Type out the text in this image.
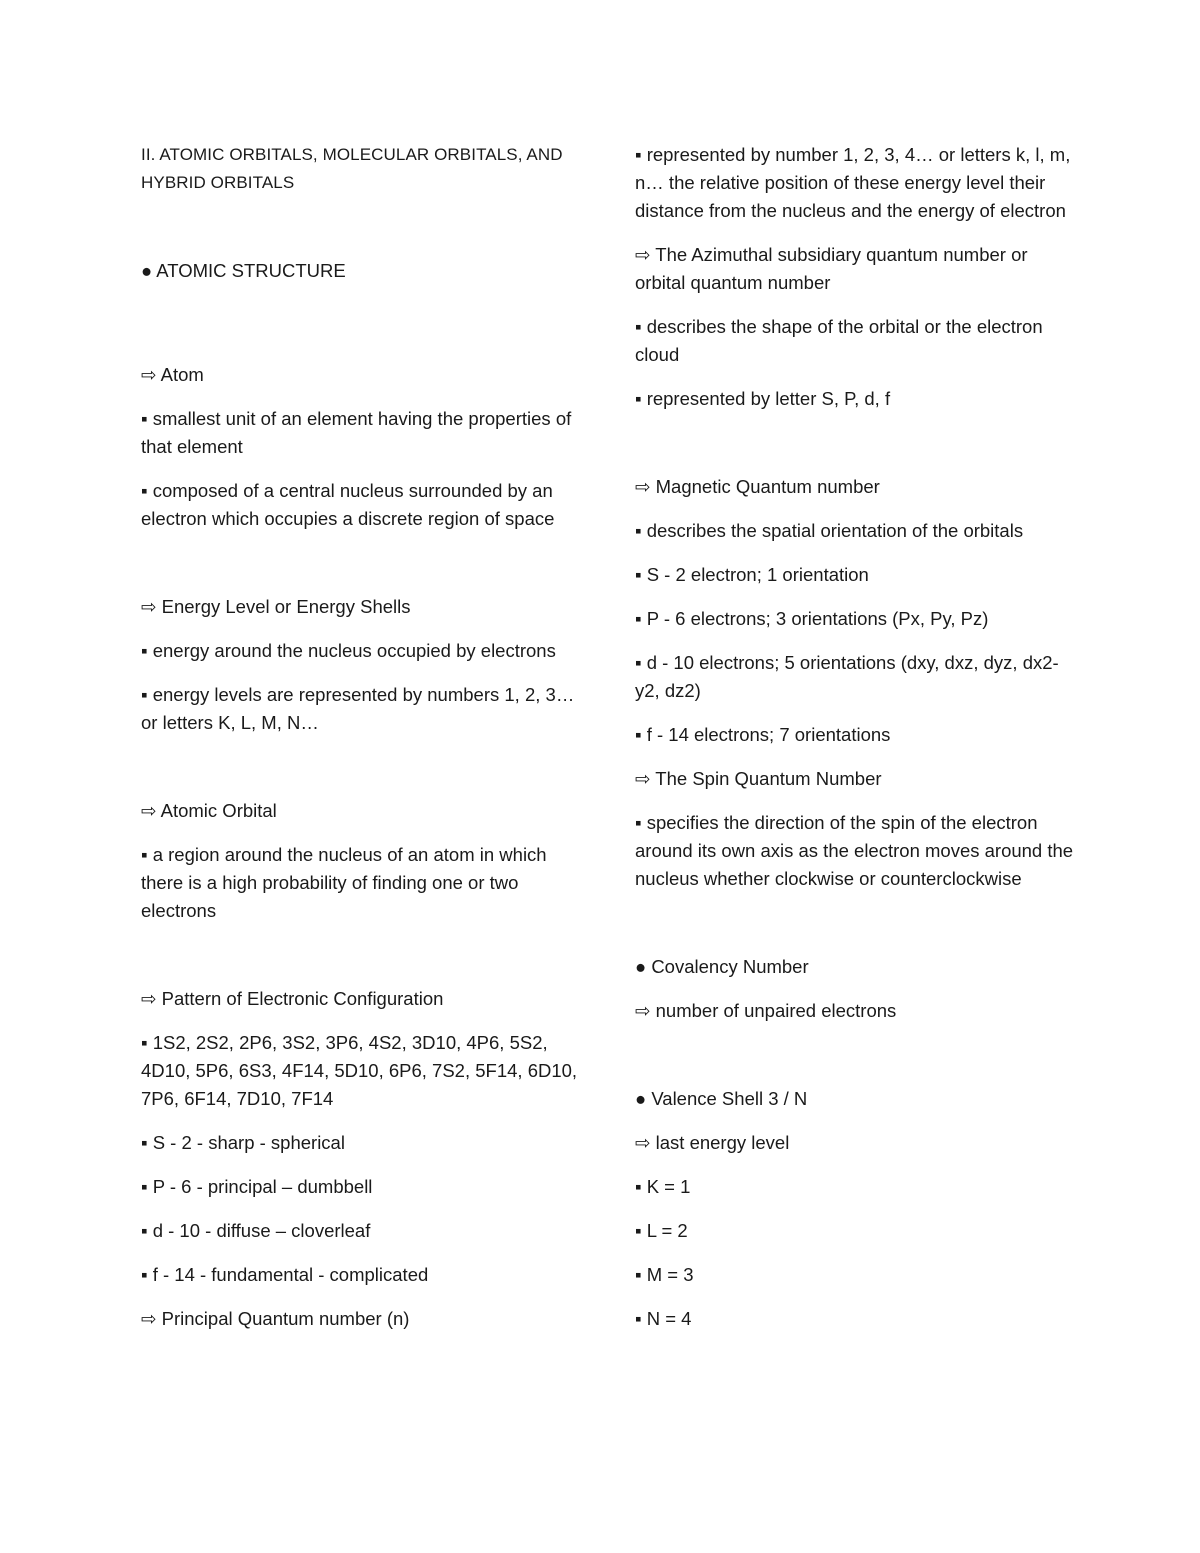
II. ATOMIC ORBITALS, MOLECULAR ORBITALS, AND HYBRID ORBITALS

● ATOMIC STRUCTURE

⇨ Atom

▪ smallest unit of an element having the properties of that element

▪ composed of a central nucleus surrounded by an electron which occupies a discrete region of space

⇨ Energy Level or Energy Shells

▪ energy around the nucleus occupied by electrons

▪ energy levels are represented by numbers 1, 2, 3… or letters K, L, M, N…

⇨ Atomic Orbital

▪ a region around the nucleus of an atom in which there is a high probability of finding one or two electrons

⇨ Pattern of Electronic Configuration

▪ 1S2, 2S2, 2P6, 3S2, 3P6, 4S2, 3D10, 4P6, 5S2, 4D10, 5P6, 6S3, 4F14, 5D10, 6P6, 7S2, 5F14, 6D10, 7P6, 6F14, 7D10, 7F14

▪ S - 2 - sharp - spherical

▪ P - 6 - principal – dumbbell

▪ d - 10 - diffuse – cloverleaf

▪ f - 14 - fundamental - complicated

⇨ Principal Quantum number (n)

▪ represented by number 1, 2, 3, 4… or letters k, l, m, n… the relative position of these energy level their distance from the nucleus and the energy of electron

⇨ The Azimuthal subsidiary quantum number or orbital quantum number

▪ describes the shape of the orbital or the electron cloud

▪ represented by letter S, P, d, f

⇨ Magnetic Quantum number

▪ describes the spatial orientation of the orbitals

▪ S - 2 electron; 1 orientation

▪ P - 6 electrons; 3 orientations (Px, Py, Pz)

▪ d - 10 electrons; 5 orientations (dxy, dxz, dyz, dx2-y2, dz2)

▪ f - 14 electrons; 7 orientations

⇨ The Spin Quantum Number

▪ specifies the direction of the spin of the electron around its own axis as the electron moves around the nucleus whether clockwise or counterclockwise

● Covalency Number

⇨ number of unpaired electrons

● Valence Shell 3 / N

⇨ last energy level

▪ K = 1

▪ L = 2

▪ M = 3

▪ N = 4
